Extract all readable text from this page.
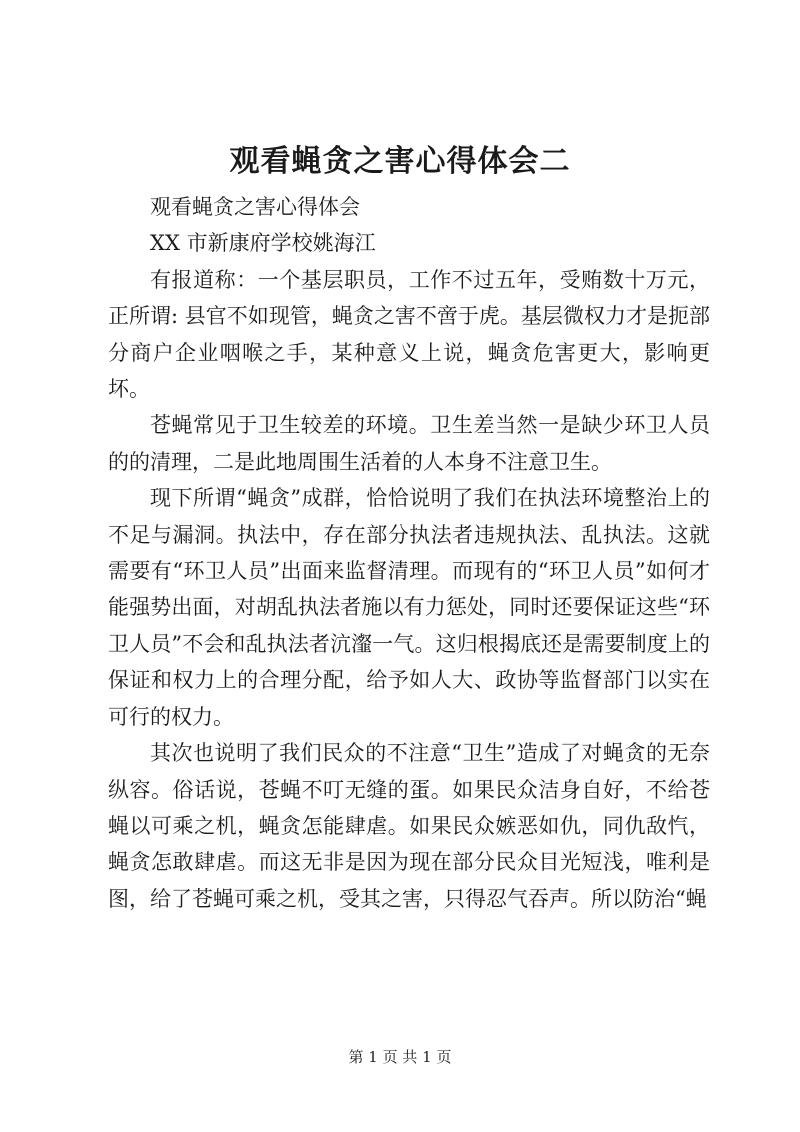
观看蝇贪之害心得体会二

观看蝇贪之害心得体会

XX 市新康府学校姚海江

有报道称：一个基层职员，工作不过五年，受贿数十万元，正所谓: 县官不如现管，蝇贪之害不啻于虎。基层微权力才是扼部分商户企业咽喉之手，某种意义上说，蝇贪危害更大，影响更坏。

苍蝇常见于卫生较差的环境。卫生差当然一是缺少环卫人员的的清理，二是此地周围生活着的人本身不注意卫生。

现下所谓“蝇贪”成群，恰恰说明了我们在执法环境整治上的不足与漏洞。执法中，存在部分执法者违规执法、乱执法。这就需要有“环卫人员”出面来监督清理。而现有的“环卫人员”如何才能强势出面，对胡乱执法者施以有力惩处，同时还要保证这些“环卫人员”不会和乱执法者沆瀣一气。这归根揭底还是需要制度上的保证和权力上的合理分配，给予如人大、政协等监督部门以实在可行的权力。

其次也说明了我们民众的不注意“卫生”造成了对蝇贪的无奈纵容。俗话说，苍蝇不叮无缝的蛋。如果民众洁身自好，不给苍蝇以可乘之机，蝇贪怎能肆虐。如果民众嫉恶如仇，同仇敌忾，蝇贪怎敢肆虐。而这无非是因为现在部分民众目光短浅，唯利是图，给了苍蝇可乘之机，受其之害，只得忍气吞声。所以防治“蝇

第 1 页 共 1 页
